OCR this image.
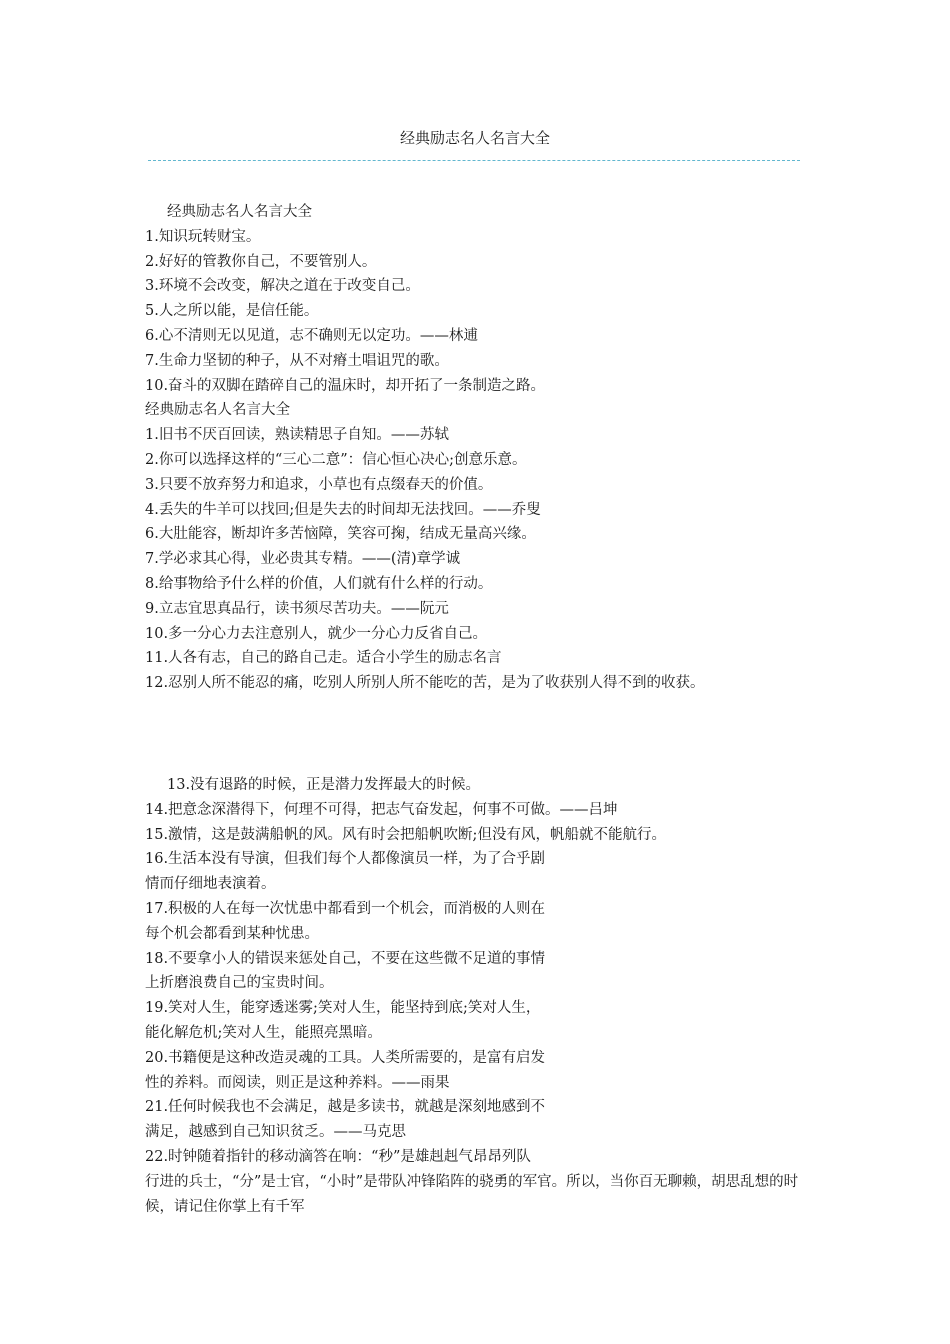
经典励志名人名言大全

经典励志名人名言大全

1.知识玩转财宝。

2.好好的管教你自己，不要管别人。

3.环境不会改变，解决之道在于改变自己。

5.人之所以能，是信任能。

6.心不清则无以见道，志不确则无以定功。——林逋

7.生命力坚韧的种子，从不对瘠土唱诅咒的歌。

10.奋斗的双脚在踏碎自己的温床时，却开拓了一条制造之路。

经典励志名人名言大全

1.旧书不厌百回读，熟读精思子自知。——苏轼

2.你可以选择这样的“三心二意”：信心恒心决心;创意乐意。

3.只要不放弃努力和追求，小草也有点缀春天的价值。

4.丢失的牛羊可以找回;但是失去的时间却无法找回。——乔叟

6.大肚能容，断却许多苦恼障，笑容可掬，结成无量高兴缘。

7.学必求其心得，业必贵其专精。——(清)章学诚

8.给事物给予什么样的价值，人们就有什么样的行动。

9.立志宜思真品行，读书须尽苦功夫。——阮元

10.多一分心力去注意别人，就少一分心力反省自己。

11.人各有志，自己的路自己走。适合小学生的励志名言

12.忍别人所不能忍的痛，吃别人所别人所不能吃的苦，是为了收获别人得不到的收获。

13.没有退路的时候，正是潜力发挥最大的时候。

14.把意念深潜得下，何理不可得，把志气奋发起，何事不可做。——吕坤

15.激情，这是鼓满船帆的风。风有时会把船帆吹断;但没有风，帆船就不能航行。

16.生活本没有导演，但我们每个人都像演员一样，为了合乎剧

情而仔细地表演着。

17.积极的人在每一次忧患中都看到一个机会，而消极的人则在

每个机会都看到某种忧患。

18.不要拿小人的错误来惩处自己，不要在这些微不足道的事情

上折磨浪费自己的宝贵时间。

19.笑对人生，能穿透迷雾;笑对人生，能坚持到底;笑对人生，

能化解危机;笑对人生，能照亮黑暗。

20.书籍便是这种改造灵魂的工具。人类所需要的，是富有启发

性的养料。而阅读，则正是这种养料。——雨果

21.任何时候我也不会满足，越是多读书，就越是深刻地感到不

满足，越感到自己知识贫乏。——马克思

22.时钟随着指针的移动滴答在响：“秒”是雄赳赳气昂昂列队

行进的兵士，“分”是士官，“小时”是带队冲锋陷阵的骁勇的军官。所以，当你百无聊赖，胡思乱想的时候，请记住你掌上有千军
